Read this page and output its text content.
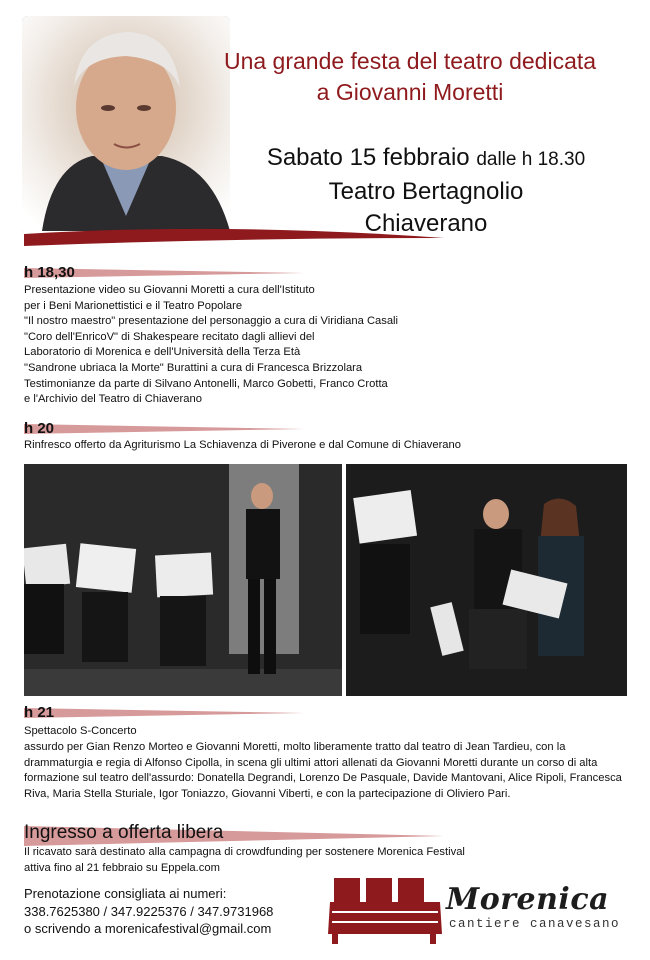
Una grande festa del teatro dedicata
a Giovanni Moretti
Sabato 15 febbraio dalle h 18.30
Teatro Bertagnolio
Chiaverano
h 18,30

Presentazione video su Giovanni Moretti a cura dell'Istituto

per i Beni Marionettistici e il Teatro Popolare

"Il nostro maestro" presentazione del personaggio a cura di Viridiana Casali

"Coro dell'EnricoV" di Shakespeare recitato dagli allievi del

Laboratorio di Morenica e dell'Università della Terza Età

"Sandrone ubriaca la Morte" Burattini a cura di Francesca Brizzolara

Testimonianze da parte di Silvano Antonelli, Marco Gobetti, Franco Crotta

e l'Archivio del Teatro di Chiaverano

h 20

Rinfresco offerto da Agriturismo La Schiavenza di Piverone e dal Comune di Chiaverano

h 21
Spettacolo S-Concerto
assurdo per Gian Renzo Morteo e Giovanni Moretti, molto liberamente tratto dal teatro di Jean Tardieu, con la drammaturgia e regia di Alfonso Cipolla, in scena gli ultimi attori allenati da Giovanni Moretti durante un corso di alta formazione sul teatro dell'assurdo: Donatella Degrandi, Lorenzo De Pasquale, Davide Mantovani, Alice Ripoli, Francesca Riva, Maria Stella Sturiale, Igor Toniazzo, Giovanni Viberti, e con la partecipazione di Oliviero Pari.
Ingresso a offerta libera
Il ricavato sarà destinato alla campagna di crowdfunding per sostenere Morenica Festival
attiva fino al 21 febbraio su Eppela.com
Prenotazione consigliata ai numeri:
338.7625380 / 347.9225376 / 347.9731968
o scrivendo a morenicafestival@gmail.com
Morenica
cantiere canavesano
